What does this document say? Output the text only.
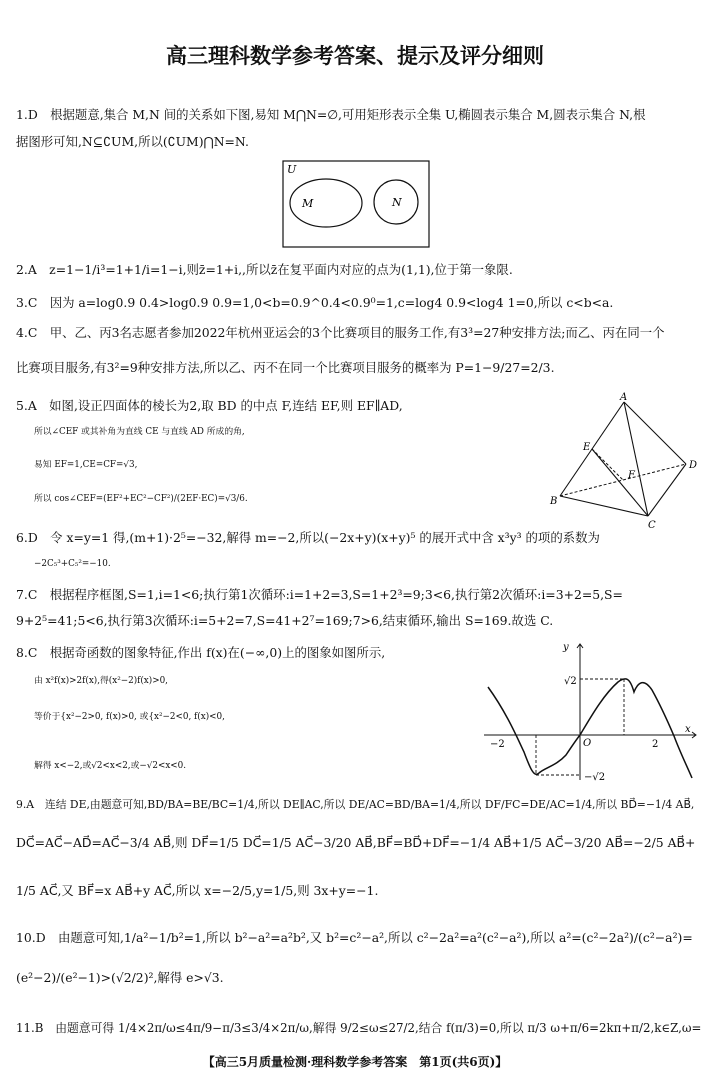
高三理科数学参考答案、提示及评分细则
1.D　根据题意,集合 M,N 间的关系如下图,易知 M⋂N=∅,可用矩形表示全集 U,椭圆表示集合 M,圆表示集合 N,根
据图形可知,N⊆∁UM,所以(∁UM)⋂N=N.
U
M	N
2.A　z=1−1/i³=1+1/i=1−i,则z̄=1+i,,所以z̄在复平面内对应的点为(1,1),位于第一象限.
3.C　因为 a=log0.9 0.4>log0.9 0.9=1,0<b=0.9^0.4<0.9⁰=1,c=log4 0.9<log4 1=0,所以 c<b<a.
4.C　甲、乙、丙3名志愿者参加2022年杭州亚运会的3个比赛项目的服务工作,有3³=27种安排方法;而乙、丙在同一个
比赛项目服务,有3²=9种安排方法,所以乙、丙不在同一个比赛项目服务的概率为 P=1−9/27=2/3.
5.A　如图,设正四面体的棱长为2,取 BD 的中点 F,连结 EF,则 EF∥AD,
所以∠CEF 或其补角为直线 CE 与直线 AD 所成的角,
易知 EF=1,CE=CF=√3,
所以 cos∠CEF=(EF²+EC²−CF²)/(2EF·EC)=√3/6.
A
B
C
D
E
F
6.D　令 x=y=1 得,(m+1)·2⁵=−32,解得 m=−2,所以(−2x+y)(x+y)⁵ 的展开式中含 x³y³ 的项的系数为
−2C₅³+C₅²=−10.
7.C　根据程序框图,S=1,i=1<6;执行第1次循环:i=1+2=3,S=1+2³=9;3<6,执行第2次循环:i=3+2=5,S=
9+2⁵=41;5<6,执行第3次循环:i=5+2=7,S=41+2⁷=169;7>6,结束循环,输出 S=169.故选 C.
8.C　根据奇函数的图象特征,作出 f(x)在(−∞,0)上的图象如图所示,
由 x²f(x)>2f(x),得(x²−2)f(x)>0,
等价于{x²−2>0, f(x)>0, 或{x²−2<0, f(x)<0,
解得 x<−2,或√2<x<2,或−√2<x<0.
y
x
O
−2	2
√2
−√2
9.A　连结 DE,由题意可知,BD/BA=BE/BC=1/4,所以 DE∥AC,所以 DE/AC=BD/BA=1/4,所以 DF/FC=DE/AC=1/4,所以 BD⃗=−1/4 AB⃗,
DC⃗=AC⃗−AD⃗=AC⃗−3/4 AB⃗,则 DF⃗=1/5 DC⃗=1/5 AC⃗−3/20 AB⃗,BF⃗=BD⃗+DF⃗=−1/4 AB⃗+1/5 AC⃗−3/20 AB⃗=−2/5 AB⃗+
1/5 AC⃗,又 BF⃗=x AB⃗+y AC⃗,所以 x=−2/5,y=1/5,则 3x+y=−1.
10.D　由题意可知,1/a²−1/b²=1,所以 b²−a²=a²b²,又 b²=c²−a²,所以 c²−2a²=a²(c²−a²),所以 a²=(c²−2a²)/(c²−a²)=
(e²−2)/(e²−1)>(√2/2)²,解得 e>√3.
11.B　由题意可得 1/4×2π/ω≤4π/9−π/3≤3/4×2π/ω,解得 9/2≤ω≤27/2,结合 f(π/3)=0,所以 π/3 ω+π/6=2kπ+π/2,k∈Z,ω=
【高三5月质量检测·理科数学参考答案　第1页(共6页)】
